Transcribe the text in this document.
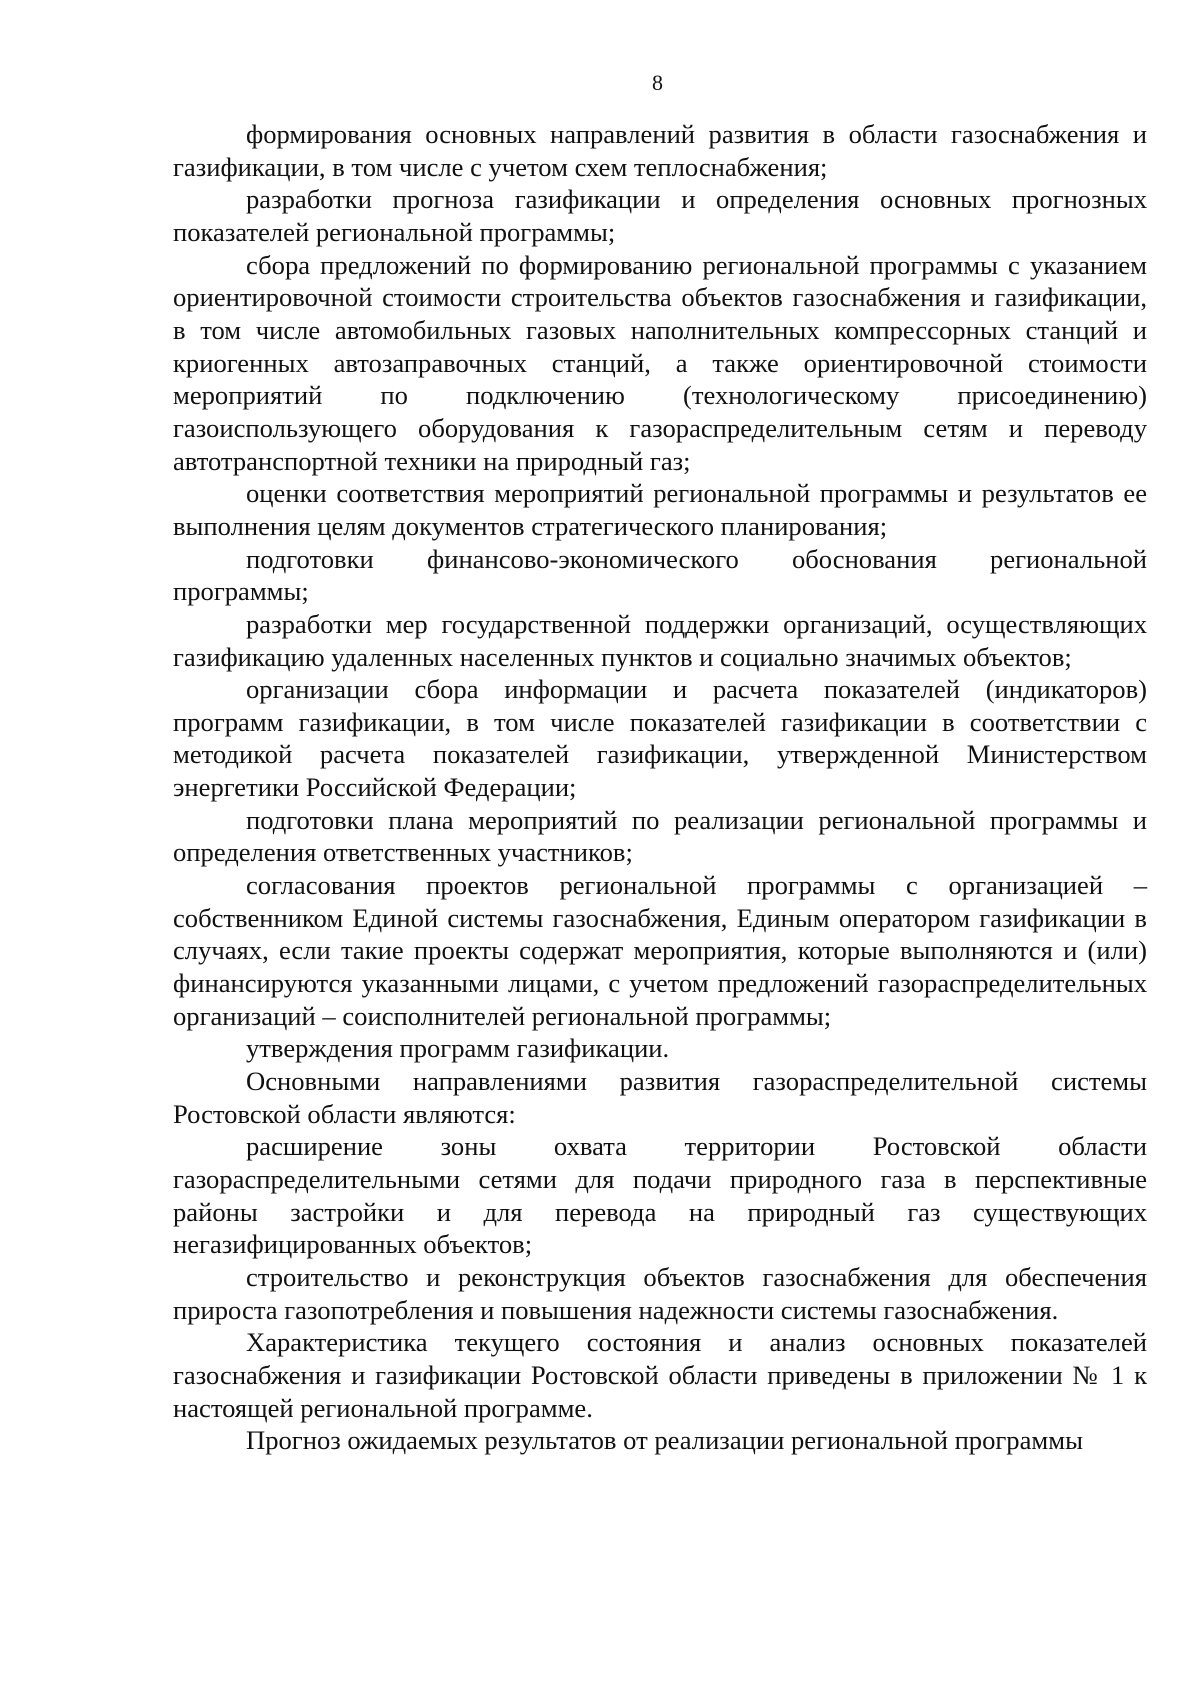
8

формирования основных направлений развития в области газоснабжения и газификации, в том числе с учетом схем теплоснабжения;

разработки прогноза газификации и определения основных прогнозных показателей региональной программы;

сбора предложений по формированию региональной программы с указанием ориентировочной стоимости строительства объектов газоснабжения и газификации, в том числе автомобильных газовых наполнительных компрессорных станций и криогенных автозаправочных станций, а также ориентировочной стоимости мероприятий по подключению (технологическому присоединению) газоиспользующего оборудования к газораспределительным сетям и переводу автотранспортной техники на природный газ;

оценки соответствия мероприятий региональной программы и результатов ее выполнения целям документов стратегического планирования;

подготовки финансово-экономического обоснования региональной программы;

разработки мер государственной поддержки организаций, осуществляющих газификацию удаленных населенных пунктов и социально значимых объектов;

организации сбора информации и расчета показателей (индикаторов) программ газификации, в том числе показателей газификации в соответствии с методикой расчета показателей газификации, утвержденной Министерством энергетики Российской Федерации;

подготовки плана мероприятий по реализации региональной программы и определения ответственных участников;

согласования проектов региональной программы с организацией – собственником Единой системы газоснабжения, Единым оператором газификации в случаях, если такие проекты содержат мероприятия, которые выполняются и (или) финансируются указанными лицами, с учетом предложений газораспределительных организаций – соисполнителей региональной программы;

утверждения программ газификации.

Основными направлениями развития газораспределительной системы Ростовской области являются:

расширение зоны охвата территории Ростовской области газораспределительными сетями для подачи природного газа в перспективные районы застройки и для перевода на природный газ существующих негазифицированных объектов;

строительство и реконструкция объектов газоснабжения для обеспечения прироста газопотребления и повышения надежности системы газоснабжения.

Характеристика текущего состояния и анализ основных показателей газоснабжения и газификации Ростовской области приведены в приложении № 1 к настоящей региональной программе.

Прогноз ожидаемых результатов от реализации региональной программы
